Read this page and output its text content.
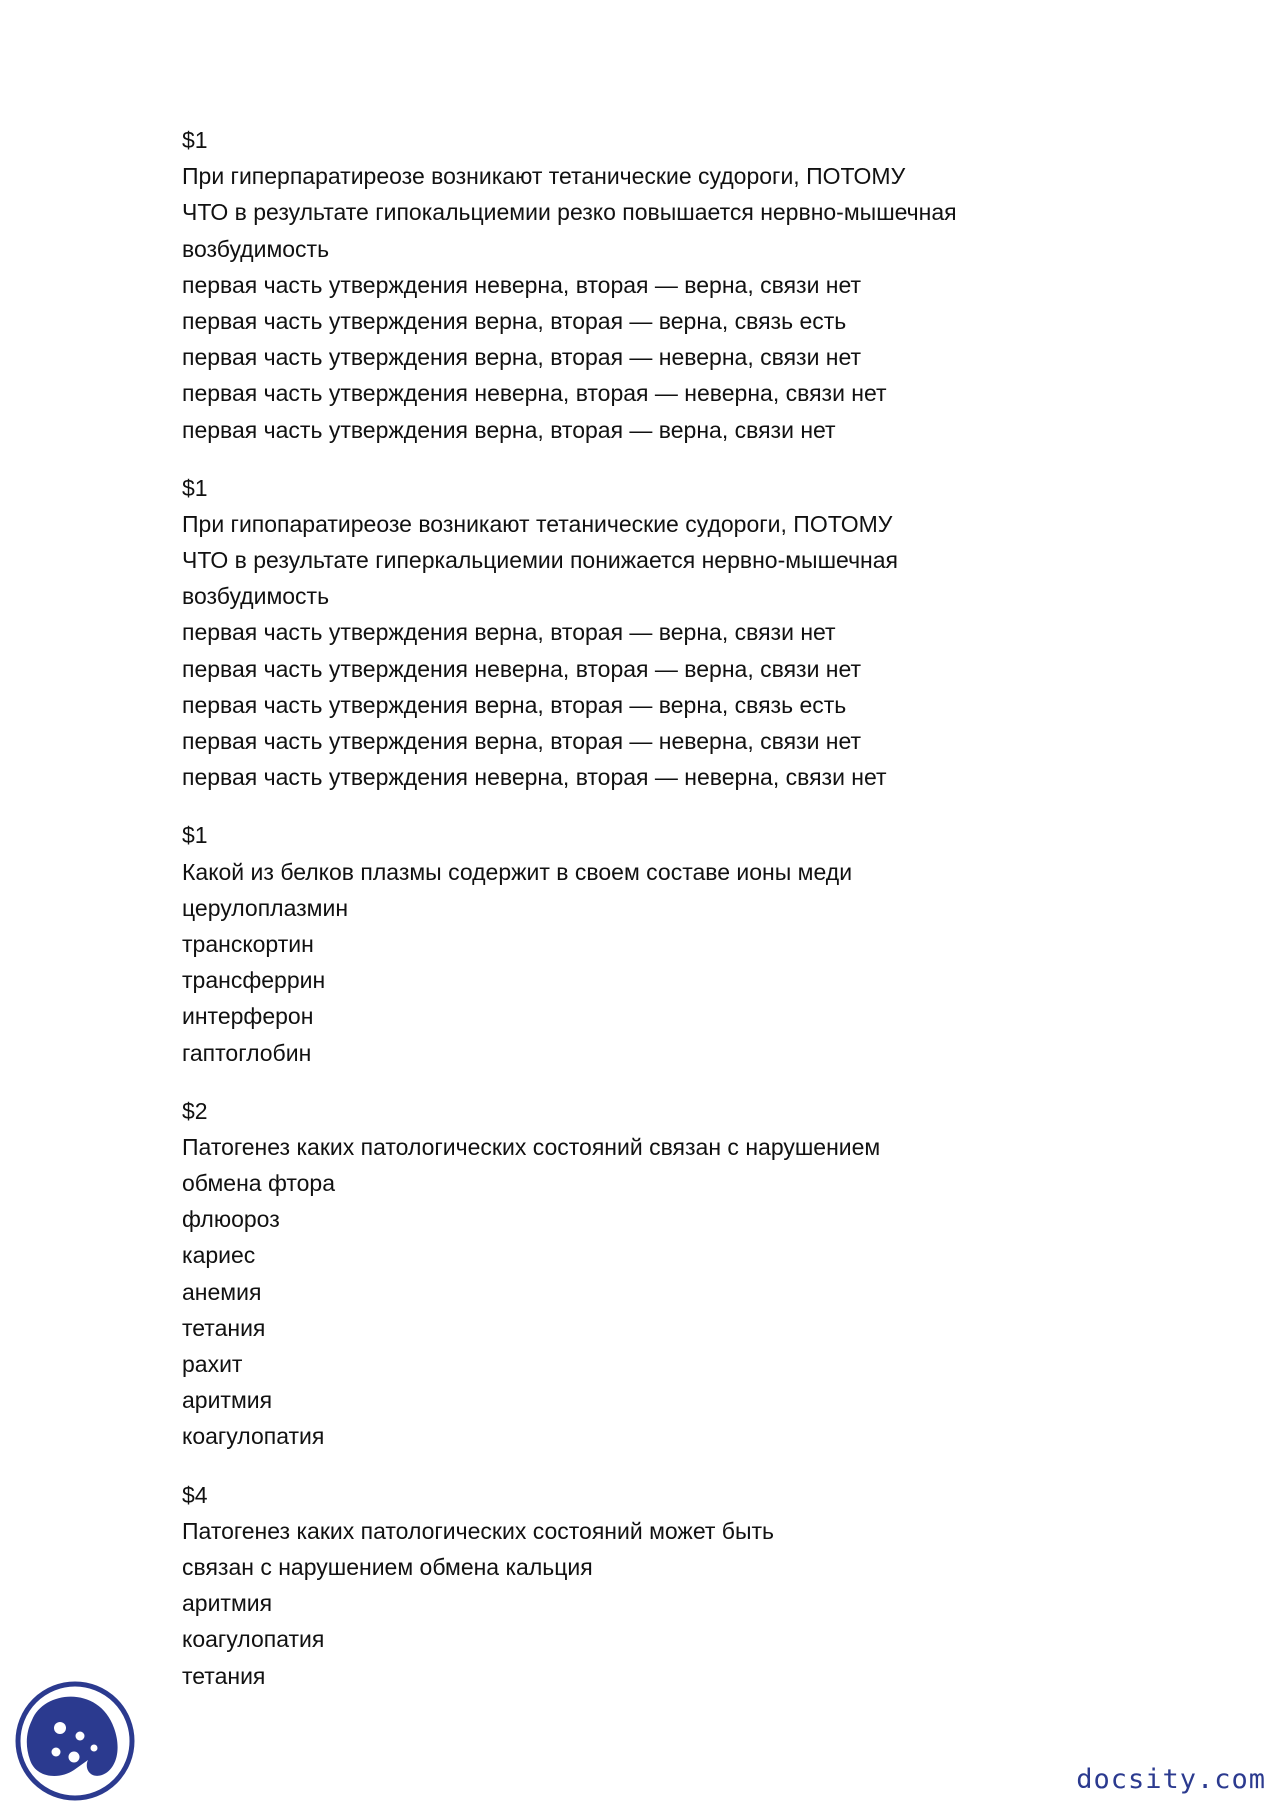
$1
При гиперпаратиреозе возникают тетанические судороги, ПОТОМУ
ЧТО в результате гипокальциемии резко повышается нервно-мышечная
возбудимость
первая часть утверждения неверна, вторая — верна, связи нет
первая часть утверждения верна, вторая — верна, связь есть
первая часть утверждения верна, вторая — неверна, связи нет
первая часть утверждения неверна, вторая — неверна, связи нет
первая часть утверждения верна, вторая — верна, связи нет
$1
При гипопаратиреозе возникают тетанические судороги, ПОТОМУ
ЧТО в результате гиперкальциемии понижается нервно-мышечная
возбудимость
первая часть утверждения верна, вторая — верна, связи нет
первая часть утверждения неверна, вторая — верна, связи нет
первая часть утверждения верна, вторая — верна, связь есть
первая часть утверждения верна, вторая — неверна, связи нет
первая часть утверждения неверна, вторая — неверна, связи нет
$1
Какой из белков плазмы содержит в своем составе ионы меди
церулоплазмин
транскортин
трансферрин
интерферон
гаптоглобин
$2
Патогенез каких патологических состояний связан с нарушением
обмена фтора
флюороз
кариес
анемия
тетания
рахит
аритмия
коагулопатия
$4
Патогенез каких патологических состояний может быть
связан с нарушением обмена кальция
аритмия
коагулопатия
тетания
docsity.com
